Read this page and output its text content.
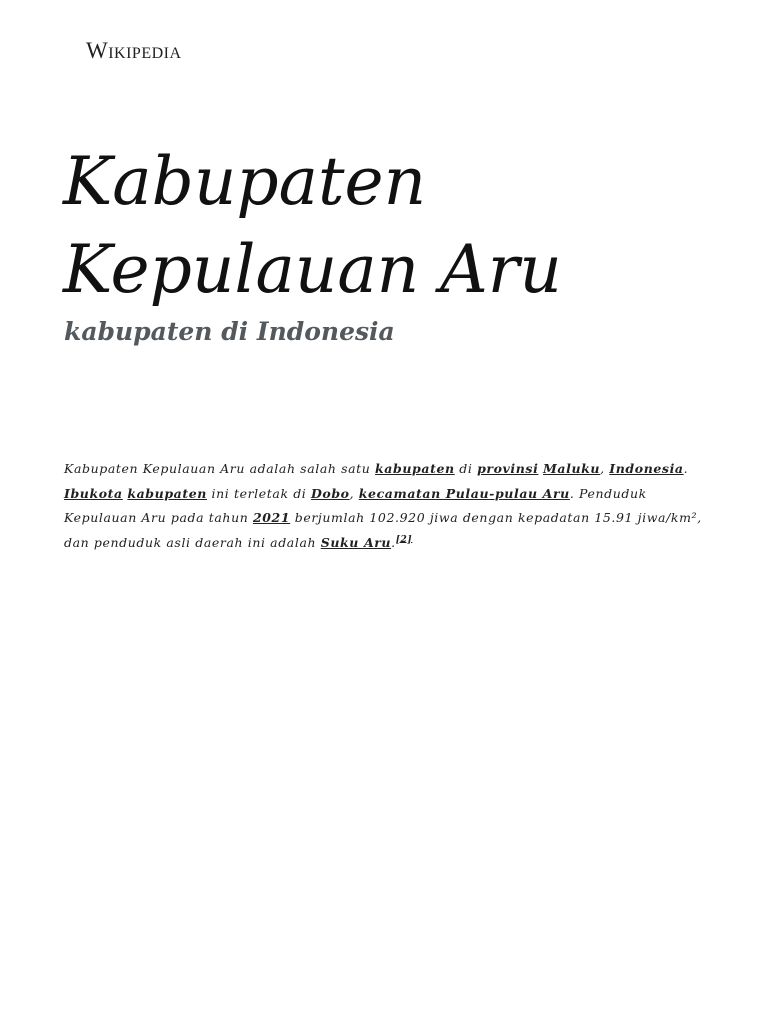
Wikipedia
Kabupaten Kepulauan Aru
kabupaten di Indonesia

Kabupaten Kepulauan Aru adalah salah satu kabupaten di provinsi Maluku, Indonesia. Ibukota kabupaten ini terletak di Dobo, kecamatan Pulau-pulau Aru. Penduduk Kepulauan Aru pada tahun 2021 berjumlah 102.920 jiwa dengan kepadatan 15.91 jiwa/km², dan penduduk asli daerah ini adalah Suku Aru.[2]
